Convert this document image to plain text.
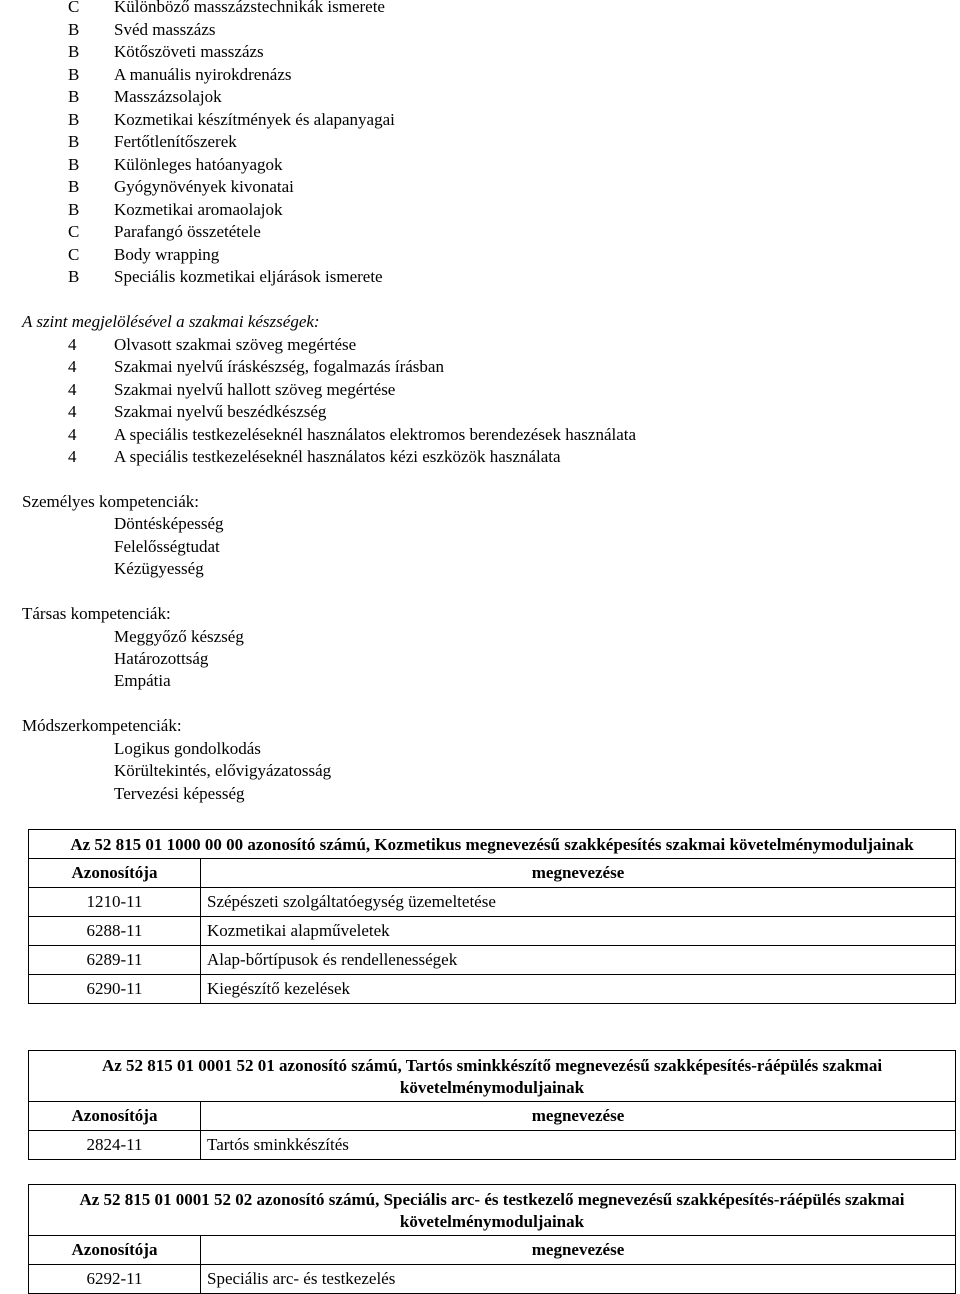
C Különböző masszázstechnikák ismerete
B Svéd masszázs
B Kötőszöveti masszázs
B A manuális nyirokdrenázs
B Masszázsolajok
B Kozmetikai készítmények és alapanyagai
B Fertőtlenítőszerek
B Különleges hatóanyagok
B Gyógynövények kivonatai
B Kozmetikai aromaolajok
C Parafangó összetétele
C Body wrapping
B Speciális kozmetikai eljárások ismerete
A szint megjelölésével a szakmai készségek:
4 Olvasott szakmai szöveg megértése
4 Szakmai nyelvű íráskészség, fogalmazás írásban
4 Szakmai nyelvű hallott szöveg megértése
4 Szakmai nyelvű beszédkészség
4 A speciális testkezeléseknél használatos elektromos berendezések használata
4 A speciális testkezeléseknél használatos kézi eszközök használata
Személyes kompetenciák:
Döntésképesség
Felelősségtudat
Kézügyesség
Társas kompetenciák:
Meggyőző készség
Határozottság
Empátia
Módszerkompetenciák:
Logikus gondolkodás
Körültekintés, elővigyázatosság
Tervezési képesség
Az 52 815 01 1000 00 00 azonosító számú, Kozmetikus megnevezésű szakképesítés szakmai követelménymoduljainak	
Azonosítója	megnevezése
1210-11	Szépészeti szolgáltatóegység üzemeltetése
6288-11	Kozmetikai alapműveletek
6289-11	Alap-bőrtípusok és rendellenességek
6290-11	Kiegészítő kezelések
Az 52 815 01 0001 52 01 azonosító számú, Tartós sminkkészítő megnevezésű szakképesítés-ráépülés szakmai követelménymoduljainak	
Azonosítója	megnevezése
2824-11	Tartós sminkkészítés
Az 52 815 01 0001 52 02 azonosító számú, Speciális arc- és testkezelő megnevezésű szakképesítés-ráépülés szakmai követelménymoduljainak	
Azonosítója	megnevezése
6292-11	Speciális arc- és testkezelés
